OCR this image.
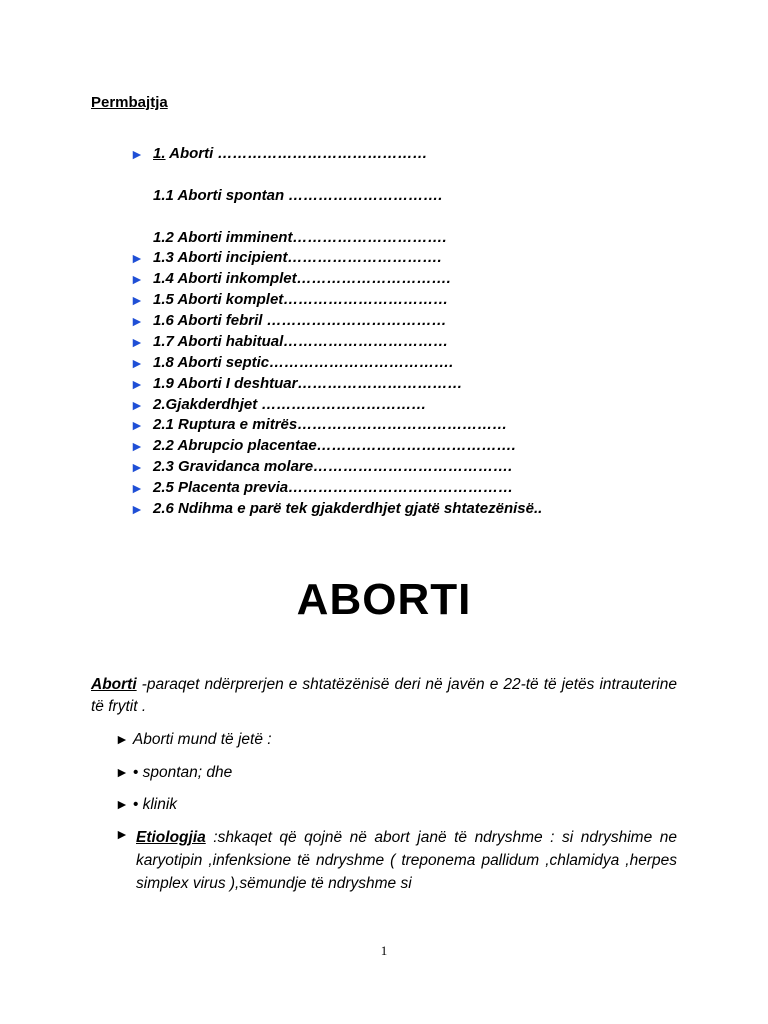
Permbajtja
► 1. Aborti ……………………………………
1.1 Aborti spontan ………………………….
1.2 Aborti imminent………………………….
► 1.3 Aborti incipient………………………….
► 1.4 Aborti inkomplet………………………….
► 1.5 Aborti komplet……………………………
► 1.6 Aborti febril ………………………………
► 1.7 Aborti habitual……………………………
► 1.8 Aborti septic……………………………….
► 1.9 Aborti I deshtuar……………………………
► 2.Gjakderdhjet ……………………………
► 2.1 Ruptura e mitrës……………………………………
► 2.2 Abrupcio placentae………………………………….
► 2.3 Gravidanca molare………………………………….
► 2.5 Placenta previa………………………………………
► 2.6 Ndihma e parë tek gjakderdhjet gjatë shtatezënisë..
ABORTI
Aborti -paraqet ndërprerjen e shtatëzënisë deri në javën e 22-të të jetës intrauterine të frytit .
► Aborti mund të jetë :
► • spontan; dhe
► • klinik
► Etiologjia :shkaqet që qojnë në abort janë të ndryshme : si ndryshime ne karyotipin ,infenksione të ndryshme ( treponema pallidum ,chlamidya ,herpes simplex virus ),sëmundje të ndryshme si
1
